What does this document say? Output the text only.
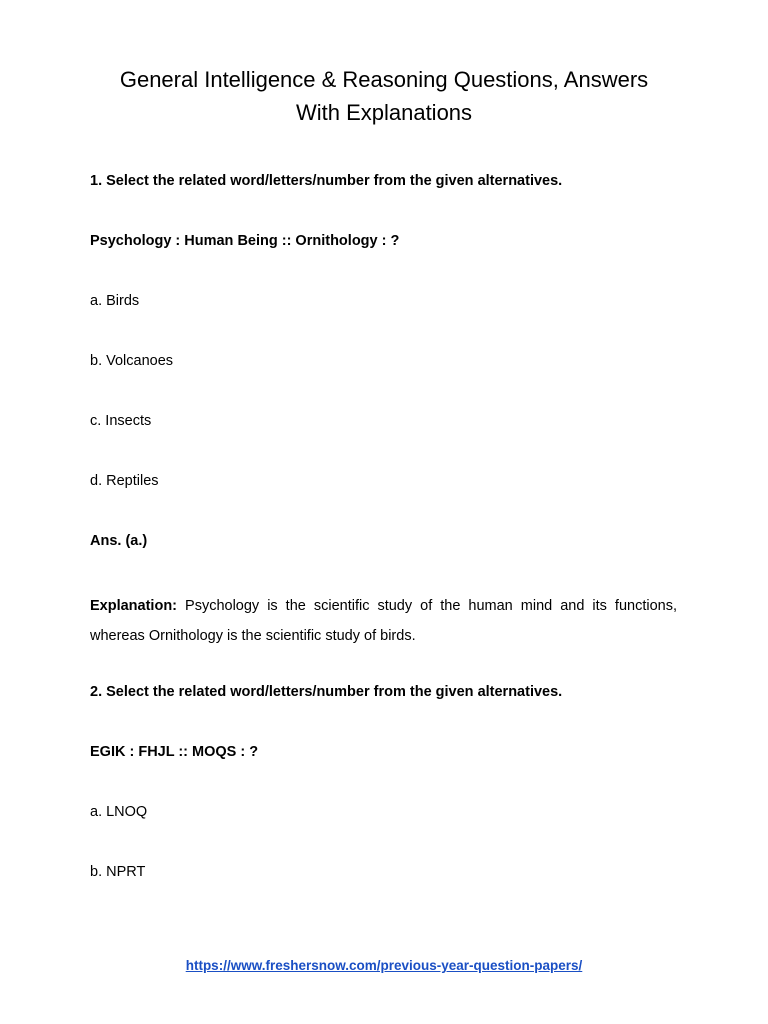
General Intelligence & Reasoning Questions, Answers
With Explanations

1. Select the related word/letters/number from the given alternatives.

Psychology : Human Being :: Ornithology : ?

a. Birds

b. Volcanoes

c. Insects

d. Reptiles

Ans. (a.)

Explanation: Psychology is the scientific study of the human mind and its functions, whereas Ornithology is the scientific study of birds.

2. Select the related word/letters/number from the given alternatives.

EGIK : FHJL :: MOQS : ?

a. LNOQ

b. NPRT

https://www.freshersnow.com/previous-year-question-papers/
